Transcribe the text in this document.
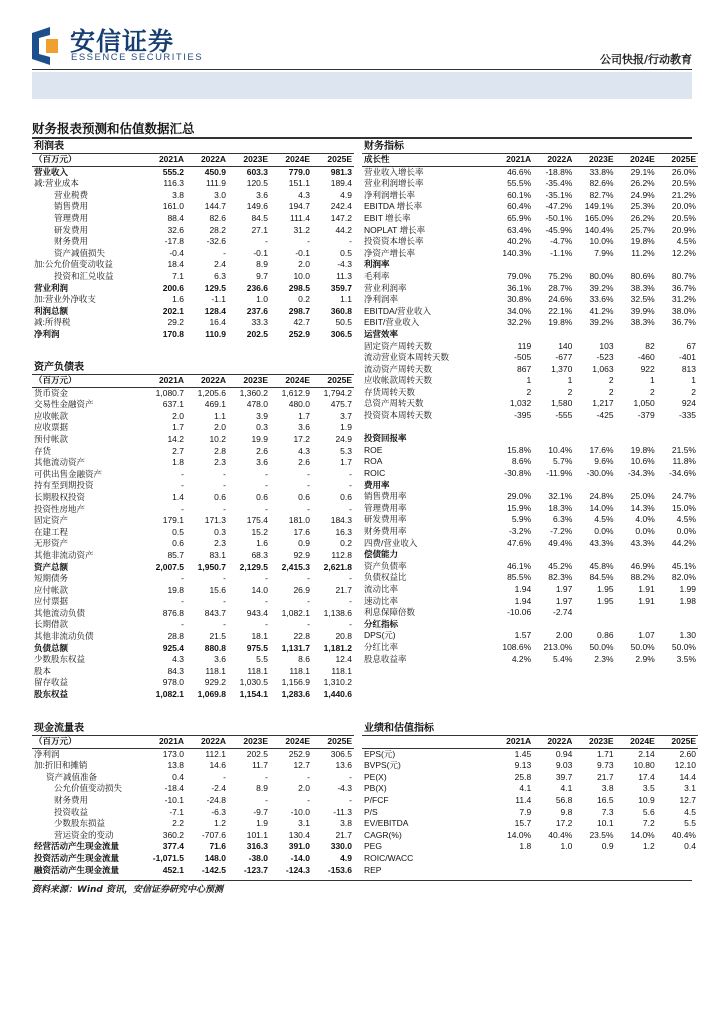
安信证券
ESSENCE SECURITIES	公司快报/行动教育
财务报表预测和估值数据汇总
利润表					
（百万元）	2021A	2022A	2023E	2024E	2025E
营业收入	555.2	450.9	603.3	779.0	981.3
减:营业成本	116.3	111.9	120.5	151.1	189.4
营业税费	3.8	3.0	3.6	4.3	4.9
销售费用	161.0	144.7	149.6	194.7	242.4
管理费用	88.4	82.6	84.5	111.4	147.2
研发费用	32.6	28.2	27.1	31.2	44.2
财务费用	-17.8	-32.6	-	-	-
资产减值损失	-0.4	-	-0.1	-0.1	0.5
加:公允价值变动收益	18.4	2.4	8.9	2.0	-4.3
投资和汇兑收益	7.1	6.3	9.7	10.0	11.3
营业利润	200.6	129.5	236.6	298.5	359.7
加:营业外净收支	1.6	-1.1	1.0	0.2	1.1
利润总额	202.1	128.4	237.6	298.7	360.8
减:所得税	29.2	16.4	33.3	42.7	50.5
净利润	170.8	110.9	202.5	252.9	306.5
财务指标					
成长性	2021A	2022A	2023E	2024E	2025E
营业收入增长率	46.6%	-18.8%	33.8%	29.1%	26.0%
营业利润增长率	55.5%	-35.4%	82.6%	26.2%	20.5%
净利润增长率	60.1%	-35.1%	82.7%	24.9%	21.2%
EBITDA 增长率	60.4%	-47.2%	149.1%	25.3%	20.0%
EBIT 增长率	65.9%	-50.1%	165.0%	26.2%	20.5%
NOPLAT 增长率	63.4%	-45.9%	140.4%	25.7%	20.9%
投资资本增长率	40.2%	-4.7%	10.0%	19.8%	4.5%
净资产增长率	140.3%	-1.1%	7.9%	11.2%	12.2%
利润率					
毛利率	79.0%	75.2%	80.0%	80.6%	80.7%
营业利润率	36.1%	28.7%	39.2%	38.3%	36.7%
净利润率	30.8%	24.6%	33.6%	32.5%	31.2%
EBITDA/营业收入	34.0%	22.1%	41.2%	39.9%	38.0%
EBIT/营业收入	32.2%	19.8%	39.2%	38.3%	36.7%
运营效率					
固定资产周转天数	119	140	103	82	67
流动营业资本周转天数	-505	-677	-523	-460	-401
流动资产周转天数	867	1,370	1,063	922	813
应收帐款周转天数	1	1	2	1	1
存货周转天数	2	2	2	2	2
总资产周转天数	1,032	1,580	1,217	1,050	924
投资资本周转天数	-395	-555	-425	-379	-335

投资回报率					
ROE	15.8%	10.4%	17.6%	19.8%	21.5%
ROA	8.6%	5.7%	9.6%	10.6%	11.8%
ROIC	-30.8%	-11.9%	-30.0%	-34.3%	-34.6%
费用率					
销售费用率	29.0%	32.1%	24.8%	25.0%	24.7%
管理费用率	15.9%	18.3%	14.0%	14.3%	15.0%
研发费用率	5.9%	6.3%	4.5%	4.0%	4.5%
财务费用率	-3.2%	-7.2%	0.0%	0.0%	0.0%
四费/营业收入	47.6%	49.4%	43.3%	43.3%	44.2%
偿债能力					
资产负债率	46.1%	45.2%	45.8%	46.9%	45.1%
负债权益比	85.5%	82.3%	84.5%	88.2%	82.0%
流动比率	1.94	1.97	1.95	1.91	1.99
速动比率	1.94	1.97	1.95	1.91	1.98
利息保障倍数	-10.06	-2.74			
分红指标					
DPS(元)	1.57	2.00	0.86	1.07	1.30
分红比率	108.6%	213.0%	50.0%	50.0%	50.0%
股息收益率	4.2%	5.4%	2.3%	2.9%	3.5%
资产负债表					
（百万元）	2021A	2022A	2023E	2024E	2025E
货币资金	1,080.7	1,205.6	1,360.2	1,612.9	1,794.2
交易性金融资产	637.1	469.1	478.0	480.0	475.7
应收帐款	2.0	1.1	3.9	1.7	3.7
应收票据	1.7	2.0	0.3	3.6	1.9
预付帐款	14.2	10.2	19.9	17.2	24.9
存货	2.7	2.8	2.6	4.3	5.3
其他流动资产	1.8	2.3	3.6	2.6	1.7
可供出售金融资产	-	-	-	-	-
持有至到期投资	-	-	-	-	-
长期股权投资	1.4	0.6	0.6	0.6	0.6
投资性房地产	-	-	-	-	-
固定资产	179.1	171.3	175.4	181.0	184.3
在建工程	0.5	0.3	15.2	17.6	16.3
无形资产	0.6	2.3	1.6	0.9	0.2
其他非流动资产	85.7	83.1	68.3	92.9	112.8
资产总额	2,007.5	1,950.7	2,129.5	2,415.3	2,621.8
短期债务	-	-	-	-	-
应付帐款	19.8	15.6	14.0	26.9	21.7
应付票据	-	-	-	-	-
其他流动负债	876.8	843.7	943.4	1,082.1	1,138.6
长期借款	-	-	-	-	-
其他非流动负债	28.8	21.5	18.1	22.8	20.8
负债总额	925.4	880.8	975.5	1,131.7	1,181.2
少数股东权益	4.3	3.6	5.5	8.6	12.4
股本	84.3	118.1	118.1	118.1	118.1
留存收益	978.0	929.2	1,030.5	1,156.9	1,310.2
股东权益	1,082.1	1,069.8	1,154.1	1,283.6	1,440.6
现金流量表					
（百万元）	2021A	2022A	2023E	2024E	2025E
净利润	173.0	112.1	202.5	252.9	306.5
加:折旧和摊销	13.8	14.6	11.7	12.7	13.6
资产减值准备	0.4	-	-	-	-
公允价值变动损失	-18.4	-2.4	8.9	2.0	-4.3
财务费用	-10.1	-24.8	-	-	-
投资收益	-7.1	-6.3	-9.7	-10.0	-11.3
少数股东损益	2.2	1.2	1.9	3.1	3.8
营运资金的变动	360.2	-707.6	101.1	130.4	21.7
经营活动产生现金流量	377.4	71.6	316.3	391.0	330.0
投资活动产生现金流量	-1,071.5	148.0	-38.0	-14.0	4.9
融资活动产生现金流量	452.1	-142.5	-123.7	-124.3	-153.6
业绩和估值指标					
	2021A	2022A	2023E	2024E	2025E
EPS(元)	1.45	0.94	1.71	2.14	2.60
BVPS(元)	9.13	9.03	9.73	10.80	12.10
PE(X)	25.8	39.7	21.7	17.4	14.4
PB(X)	4.1	4.1	3.8	3.5	3.1
P/FCF	11.4	56.8	16.5	10.9	12.7
P/S	7.9	9.8	7.3	5.6	4.5
EV/EBITDA	15.7	17.2	10.1	7.2	5.5
CAGR(%)	14.0%	40.4%	23.5%	14.0%	40.4%
PEG	1.8	1.0	0.9	1.2	0.4
ROIC/WACC					
REP					
资料来源：Wind 资讯，安信证券研究中心预测
